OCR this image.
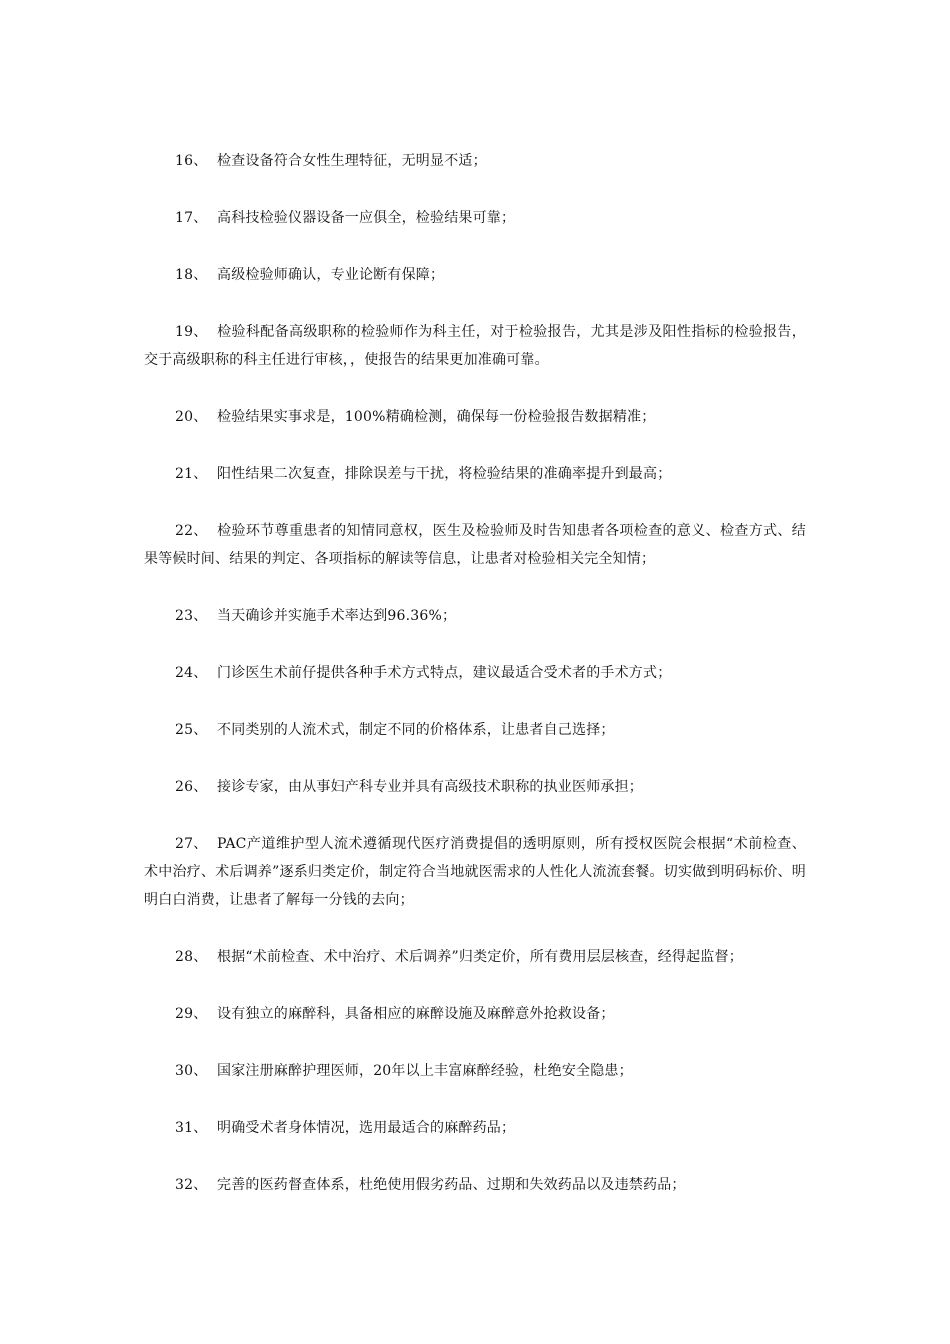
16、 检查设备符合女性生理特征，无明显不适；

17、 高科技检验仪器设备一应俱全，检验结果可靠；

18、 高级检验师确认，专业论断有保障；

19、 检验科配备高级职称的检验师作为科主任，对于检验报告，尤其是涉及阳性指标的检验报告，交于高级职称的科主任进行审核，，使报告的结果更加准确可靠。

20、 检验结果实事求是，100%精确检测，确保每一份检验报告数据精准；

21、 阳性结果二次复查，排除误差与干扰，将检验结果的准确率提升到最高；

22、 检验环节尊重患者的知情同意权，医生及检验师及时告知患者各项检查的意义、检查方式、结果等候时间、结果的判定、各项指标的解读等信息，让患者对检验相关完全知情；

23、 当天确诊并实施手术率达到96.36%；

24、 门诊医生术前仔提供各种手术方式特点，建议最适合受术者的手术方式；

25、 不同类别的人流术式，制定不同的价格体系，让患者自己选择；

26、 接诊专家，由从事妇产科专业并具有高级技术职称的执业医师承担；

27、 PAC产道维护型人流术遵循现代医疗消费提倡的透明原则，所有授权医院会根据“术前检查、术中治疗、术后调养”逐系归类定价，制定符合当地就医需求的人性化人流流套餐。切实做到明码标价、明明白白消费，让患者了解每一分钱的去向；

28、 根据“术前检查、术中治疗、术后调养”归类定价，所有费用层层核查，经得起监督；

29、 设有独立的麻醉科，具备相应的麻醉设施及麻醉意外抢救设备；

30、 国家注册麻醉护理医师，20年以上丰富麻醉经验，杜绝安全隐患；

31、 明确受术者身体情况，选用最适合的麻醉药品；

32、 完善的医药督查体系，杜绝使用假劣药品、过期和失效药品以及违禁药品；
